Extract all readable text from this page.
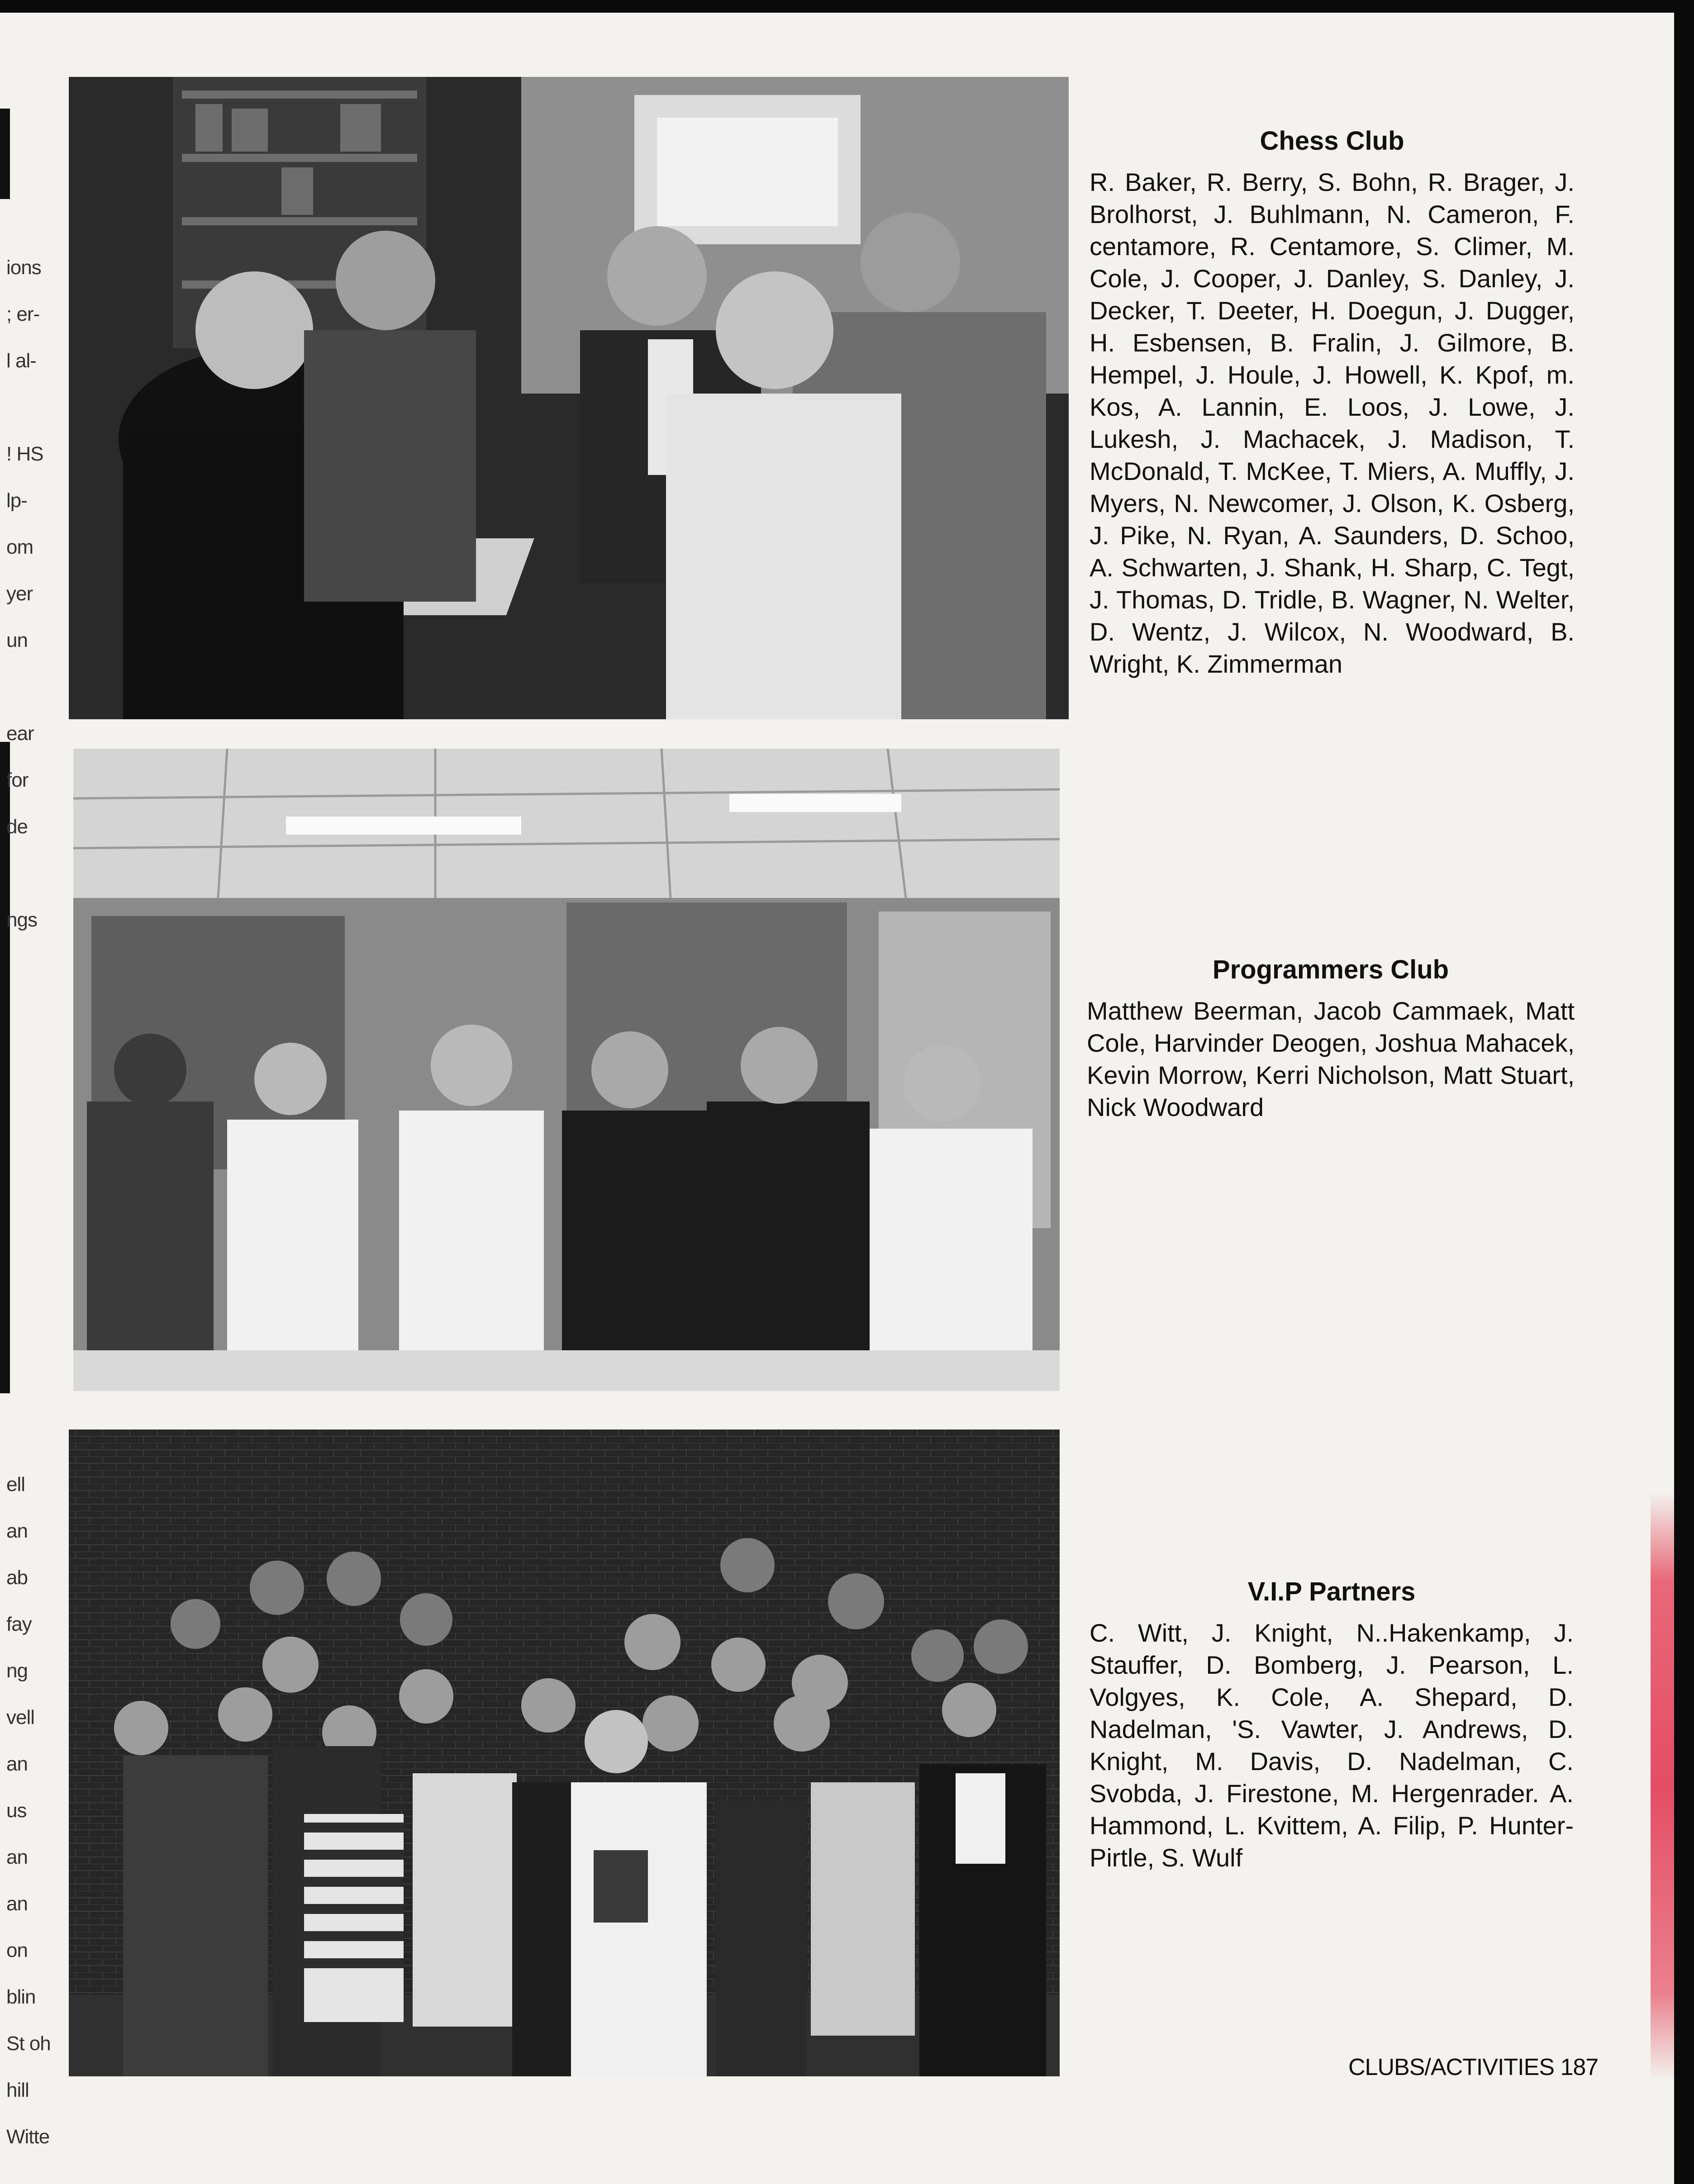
ions
; er-
l al-
! HS
lp-
om
yer
un
ear
for
de
ngs
ell
an
ab
fay
ng
vell
an
us
an
an
on
blin
St oh
hill
Witte
Chess Club

R. Baker, R. Berry, S. Bohn, R. Brager, J. Brolhorst, J. Buhlmann, N. Cameron, F. centamore, R. Centamore, S. Climer, M. Cole, J. Cooper, J. Danley, S. Danley, J. Decker, T. Deeter, H. Doegun, J. Dugger, H. Esbensen, B. Fralin, J. Gilmore, B. Hempel, J. Houle, J. Howell, K. Kpof, m. Kos, A. Lannin, E. Loos, J. Lowe, J. Lukesh, J. Machacek, J. Madison, T. McDonald, T. McKee, T. Miers, A. Muffly, J. Myers, N. Newcomer, J. Olson, K. Osberg, J. Pike, N. Ryan, A. Saunders, D. Schoo, A. Schwarten, J. Shank, H. Sharp, C. Tegt, J. Thomas, D. Tridle, B. Wagner, N. Welter, D. Wentz, J. Wilcox, N. Woodward, B. Wright, K. Zimmerman

Programmers Club

Matthew Beerman, Jacob Cammaek, Matt Cole, Harvinder Deogen, Joshua Mahacek, Kevin Morrow, Kerri Nicholson, Matt Stuart, Nick Woodward

V.I.P Partners

C. Witt, J. Knight, N..Hakenkamp, J. Stauffer, D. Bomberg, J. Pearson, L. Volgyes, K. Cole, A. Shepard, D. Nadelman, 'S. Vawter, J. Andrews, D. Knight, M. Davis, D. Nadelman, C. Svobda, J. Firestone, M. Hergenrader. A. Hammond, L. Kvittem, A. Filip, P. Hunter-Pirtle, S. Wulf

CLUBS/ACTIVITIES 187
